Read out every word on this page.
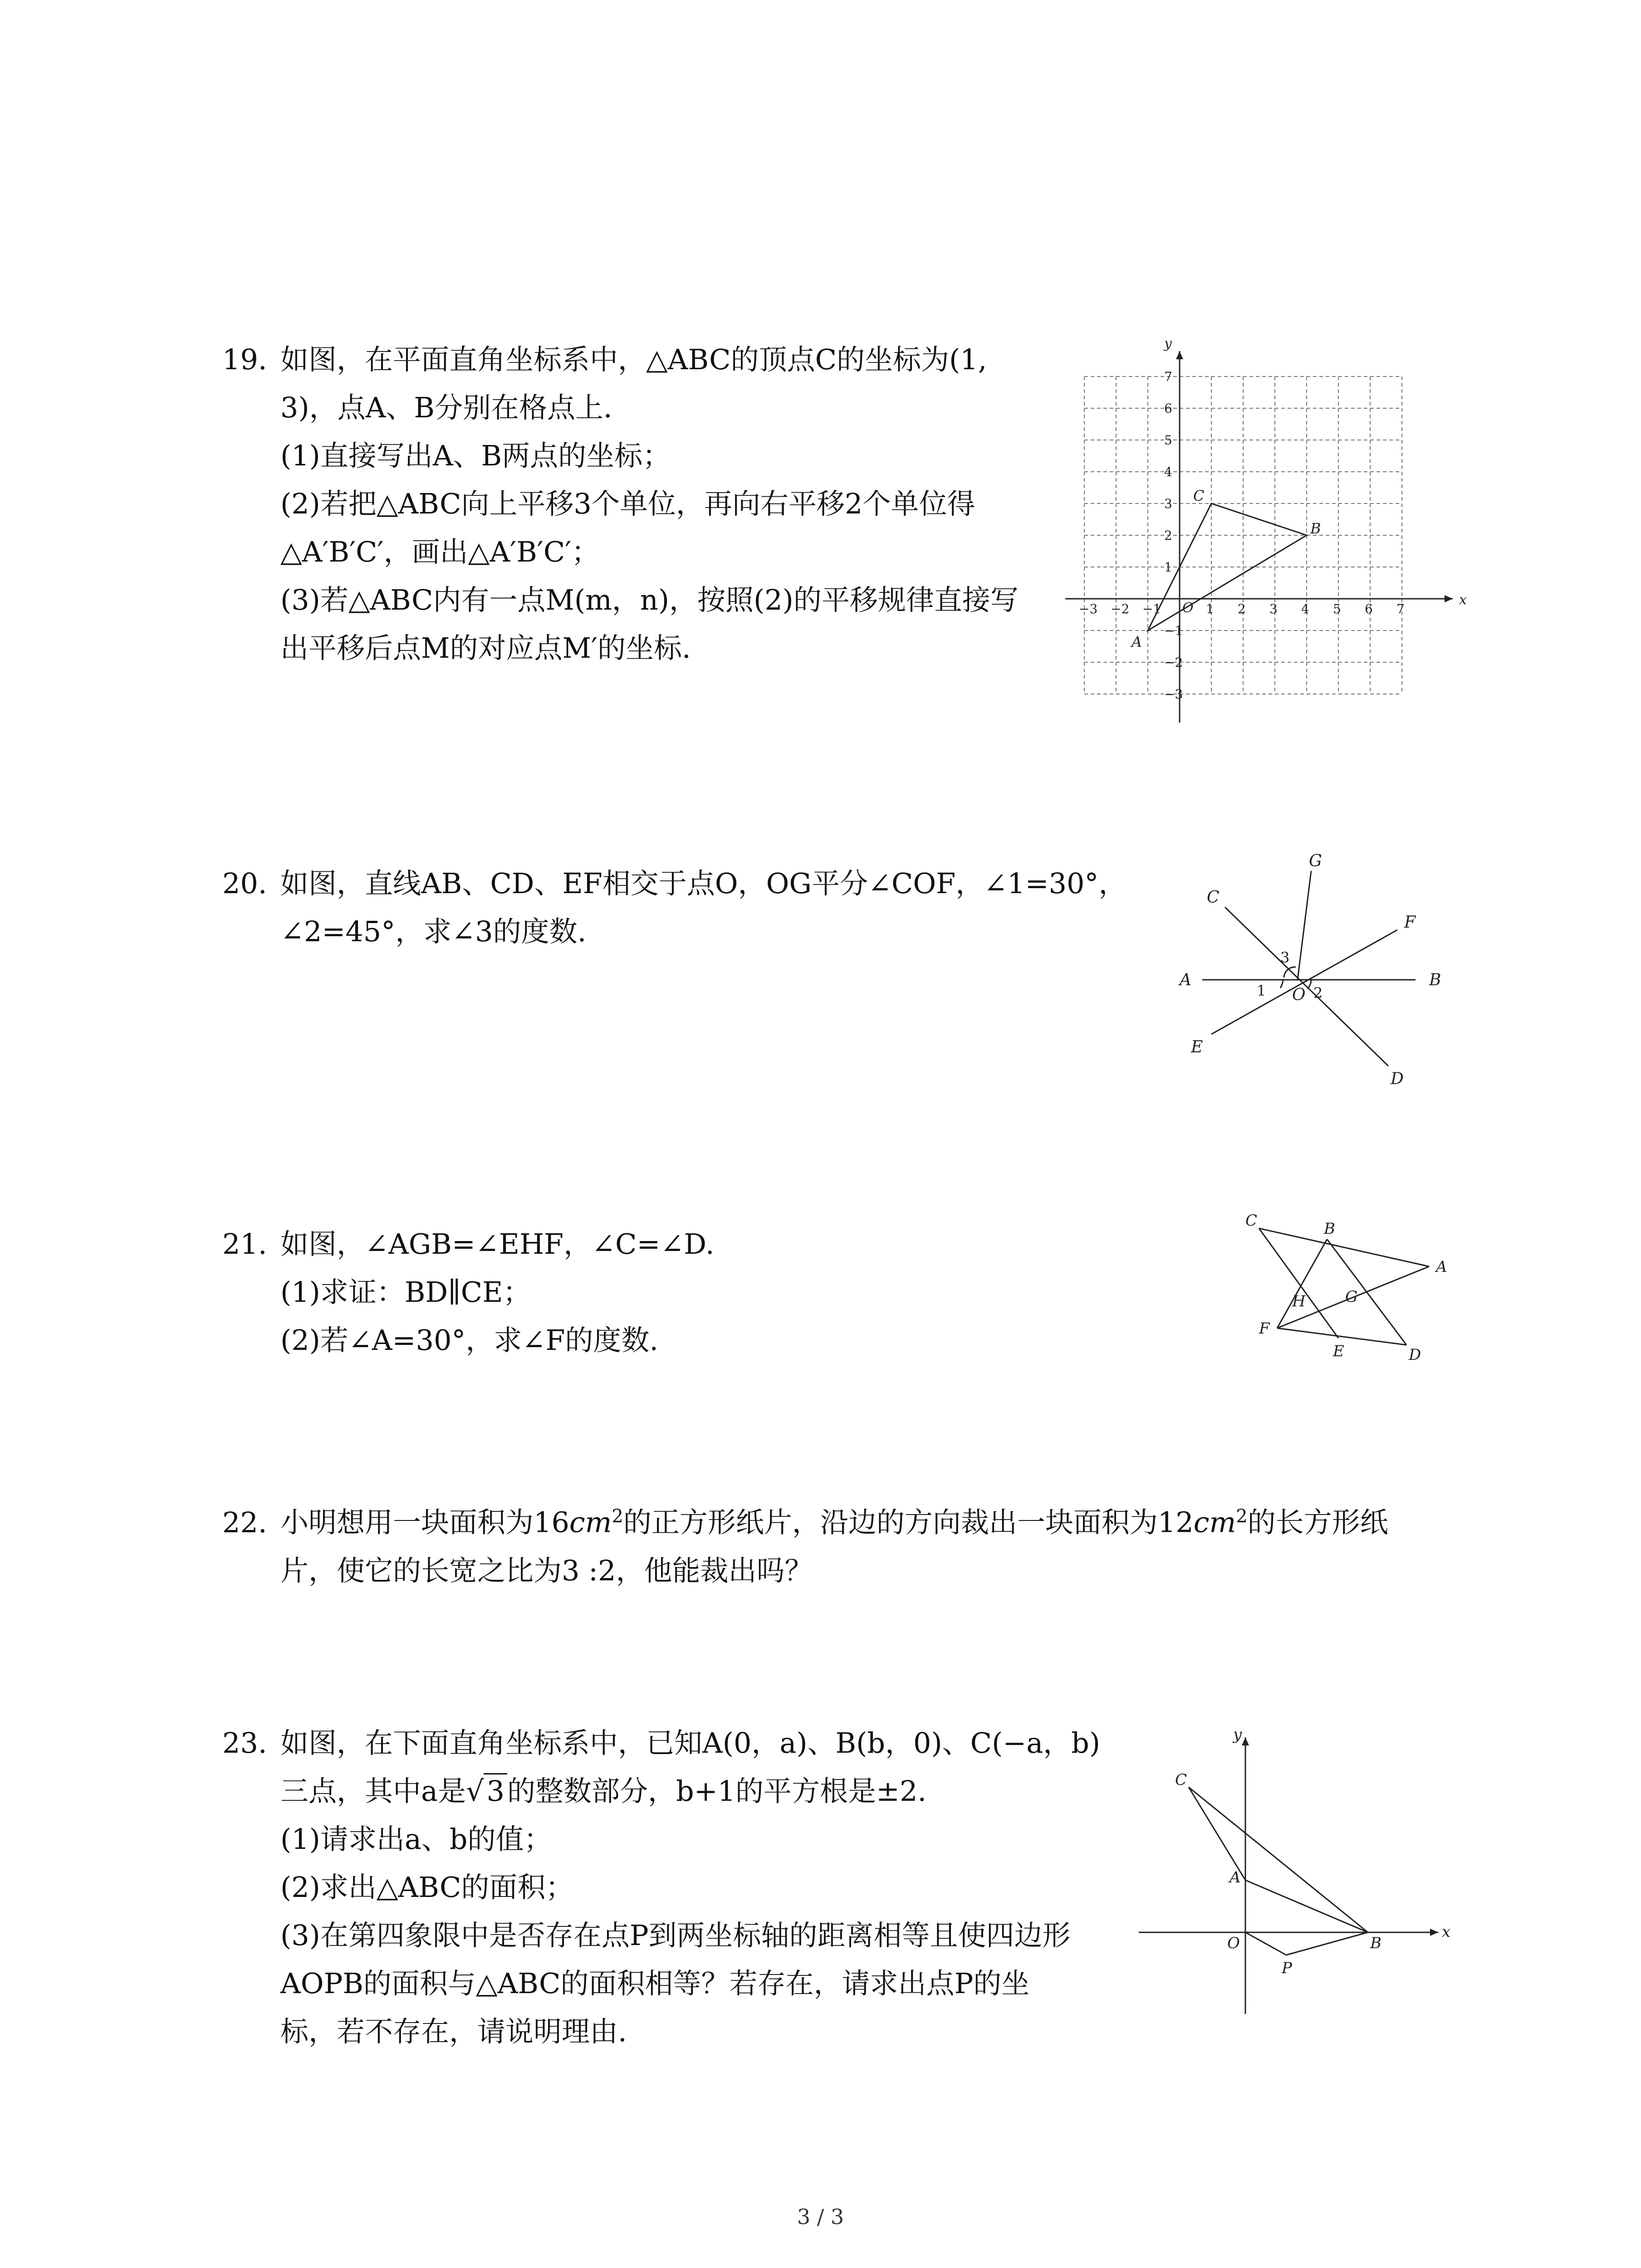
19. 如图，在平面直角坐标系中，△ABC的顶点C的坐标为(1,
3)，点A、B分别在格点上．
(1)直接写出A、B两点的坐标；
(2)若把△ABC向上平移3个单位，再向右平移2个单位得
△A′B′C′，画出△A′B′C′；
(3)若△ABC内有一点M(m，n)，按照(2)的平移规律直接写
出平移后点M的对应点M′的坐标.
x
y
−3 −2 −1	1 2 3 4 5 6 7
7
6
5
4
3
2
1
−1
−2
−3
O
A
B
C
20. 如图，直线AB、CD、EF相交于点O，OG平分∠COF，∠1=30°，
∠2=45°，求∠3的度数.
A	B
C
D
E
F
G
O
1	2
3
21. 如图，∠AGB=∠EHF，∠C=∠D.
(1)求证：BD∥CE；
(2)若∠A=30°，求∠F的度数.
C	B
A
G
H
F
E	D
22. 小明想用一块面积为$16cm^2$的正方形纸片，沿边的方向裁出一块面积为$12cm^2$的长方形纸
片，使它的长宽之比为3 :2，他能裁出吗？
23. 如图，在下面直角坐标系中，已知A(0，a)、B(b，0)、C(−a，b)
三点，其中a是√3的整数部分，b+1的平方根是±2.
(1)请求出a、b的值；
(2)求出△ABC的面积；
(3)在第四象限中是否存在点P到两坐标轴的距离相等且使四边形
AOPB的面积与△ABC的面积相等？若存在，请求出点P的坐
标，若不存在，请说明理由.
x
y
C
A
O	B
P
3 / 3
